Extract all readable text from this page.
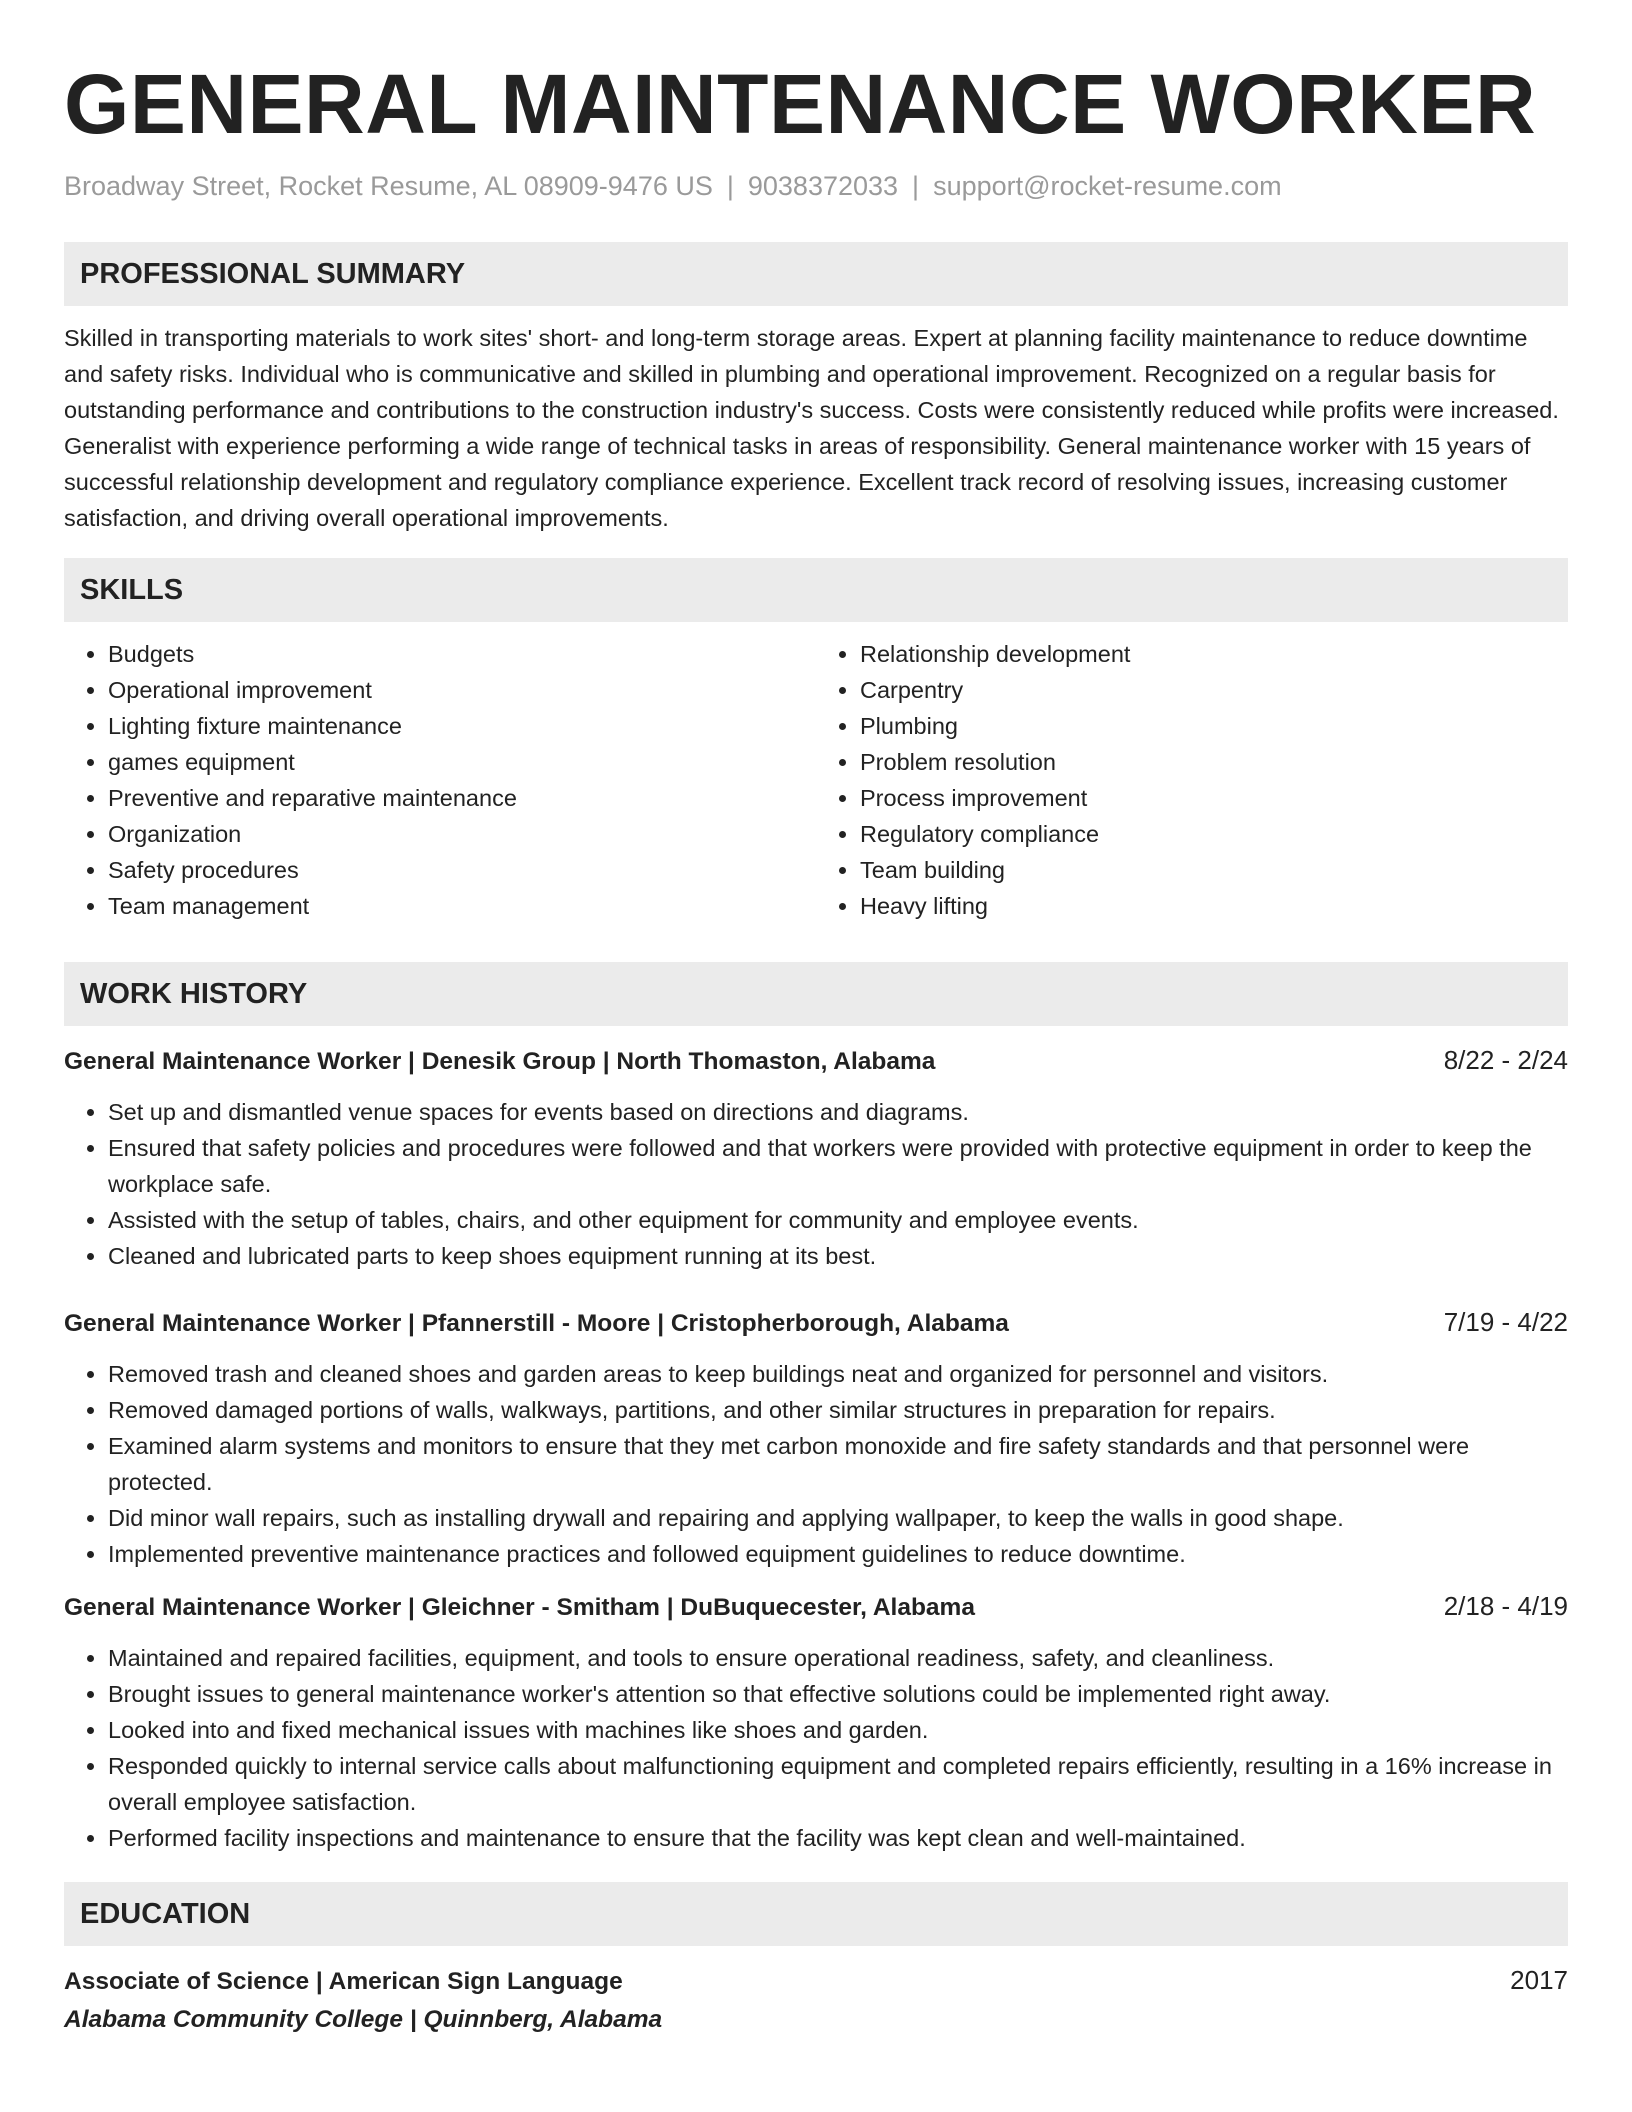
GENERAL MAINTENANCE WORKER
Broadway Street, Rocket Resume, AL 08909-9476 US | 9038372033 | support@rocket-resume.com
PROFESSIONAL SUMMARY

Skilled in transporting materials to work sites' short- and long-term storage areas. Expert at planning facility maintenance to reduce downtime and safety risks. Individual who is communicative and skilled in plumbing and operational improvement. Recognized on a regular basis for outstanding performance and contributions to the construction industry's success. Costs were consistently reduced while profits were increased. Generalist with experience performing a wide range of technical tasks in areas of responsibility. General maintenance worker with 15 years of successful relationship development and regulatory compliance experience. Excellent track record of resolving issues, increasing customer satisfaction, and driving overall operational improvements.

SKILLS
• Budgets
• Operational improvement
• Lighting fixture maintenance
• games equipment
• Preventive and reparative maintenance
• Organization
• Safety procedures
• Team management
• Relationship development
• Carpentry
• Plumbing
• Problem resolution
• Process improvement
• Regulatory compliance
• Team building
• Heavy lifting
WORK HISTORY
General Maintenance Worker | Denesik Group | North Thomaston, Alabama	8/22 - 2/24
• Set up and dismantled venue spaces for events based on directions and diagrams.
• Ensured that safety policies and procedures were followed and that workers were provided with protective equipment in order to keep the workplace safe.
• Assisted with the setup of tables, chairs, and other equipment for community and employee events.
• Cleaned and lubricated parts to keep shoes equipment running at its best.
General Maintenance Worker | Pfannerstill - Moore | Cristopherborough, Alabama	7/19 - 4/22
• Removed trash and cleaned shoes and garden areas to keep buildings neat and organized for personnel and visitors.
• Removed damaged portions of walls, walkways, partitions, and other similar structures in preparation for repairs.
• Examined alarm systems and monitors to ensure that they met carbon monoxide and fire safety standards and that personnel were protected.
• Did minor wall repairs, such as installing drywall and repairing and applying wallpaper, to keep the walls in good shape.
• Implemented preventive maintenance practices and followed equipment guidelines to reduce downtime.
General Maintenance Worker | Gleichner - Smitham | DuBuquecester, Alabama	2/18 - 4/19
• Maintained and repaired facilities, equipment, and tools to ensure operational readiness, safety, and cleanliness.
• Brought issues to general maintenance worker's attention so that effective solutions could be implemented right away.
• Looked into and fixed mechanical issues with machines like shoes and garden.
• Responded quickly to internal service calls about malfunctioning equipment and completed repairs efficiently, resulting in a 16% increase in overall employee satisfaction.
• Performed facility inspections and maintenance to ensure that the facility was kept clean and well-maintained.
EDUCATION
Associate of Science | American Sign Language	2017
Alabama Community College | Quinnberg, Alabama
